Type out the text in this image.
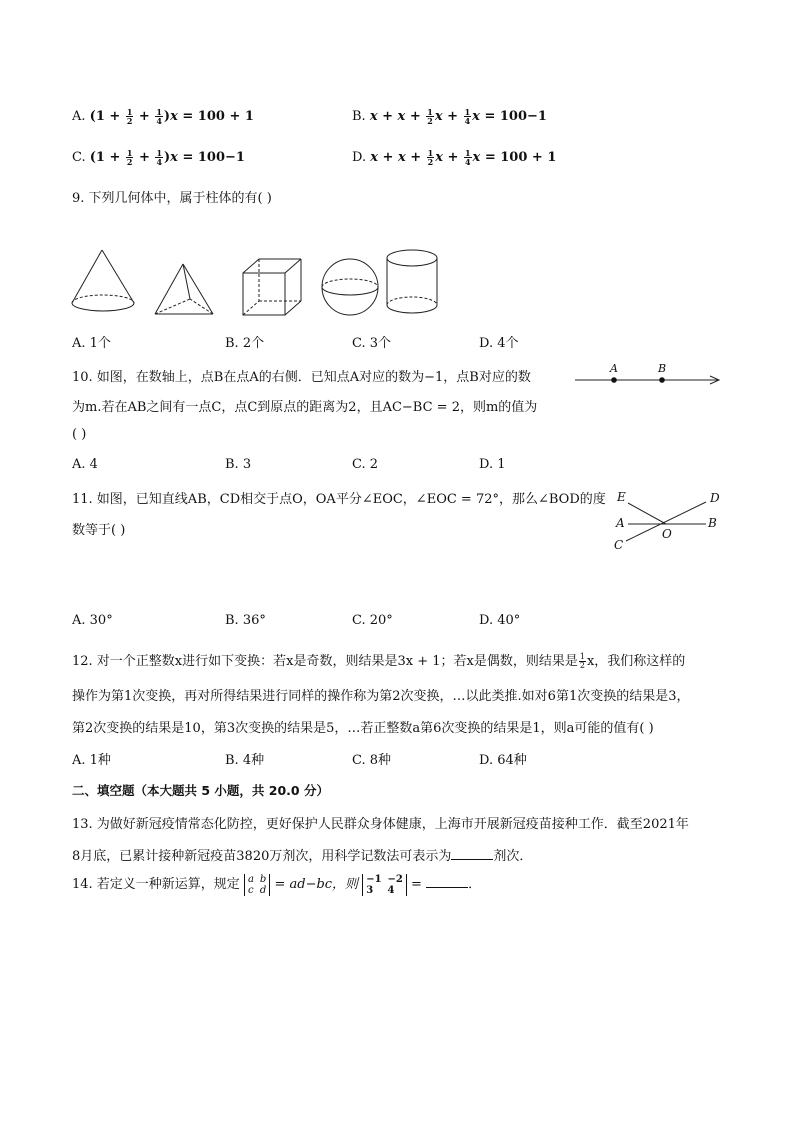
A. $(1 + \frac{1}{2} + \frac{1}{4} )x = 100 + 1$	B. $x + x + \frac{1}{2}$ $x + \frac{1}{4}$ x = 100−1
C. $(1 + \frac{1}{2} + \frac{1}{4} )x = 100-1$	D. $x + x + \frac{1}{2}$ $x + \frac{1}{4}$ x = 100 + 1
9. 下列几何体中，属于柱体的有( )
A. 1个	B. 2个	C. 3个	D. 4个
10. 如图，在数轴上，点B在点A的右侧．已知点A对应的数为−1，点B对应的数
为m.若在AB之间有一点C，点C到原点的距离为2，且AC−BC = 2，则m的值为
( )
A	B
A. 4	B. 3	C. 2	D. 1
11. 如图，已知直线AB，CD相交于点O，OA平分∠EOC，∠EOC = 72°，那么∠BOD的度
数等于( )
E	D
A	B
C
O
A. 30°	B. 36°	C. 20°	D. 40°
12. 对一个正整数x进行如下变换：若x是奇数，则结果是3x + 1；若x是偶数，则结果是 $\frac{1}{2}$ x，我们称这样的
操作为第1次变换，再对所得结果进行同样的操作称为第2次变换，…以此类推.如对6第1次变换的结果是3，
第2次变换的结果是10，第3次变换的结果是5，…若正整数a第6次变换的结果是1，则a可能的值有( )
A. 1种	B. 4种	C. 8种	D. 64种
二、填空题（本大题共 5 小题，共 20.0 分）
13. 为做好新冠疫情常态化防控，更好保护人民群众身体健康，上海市开展新冠疫苗接种工作．截至2021年
8月底，已累计接种新冠疫苗3820万剂次，用科学记数法可表示为	剂次．
14. 若定义一种新运算，规定 a	b
c	d = ad−bc，则 −1	−2
3	4 =	．
